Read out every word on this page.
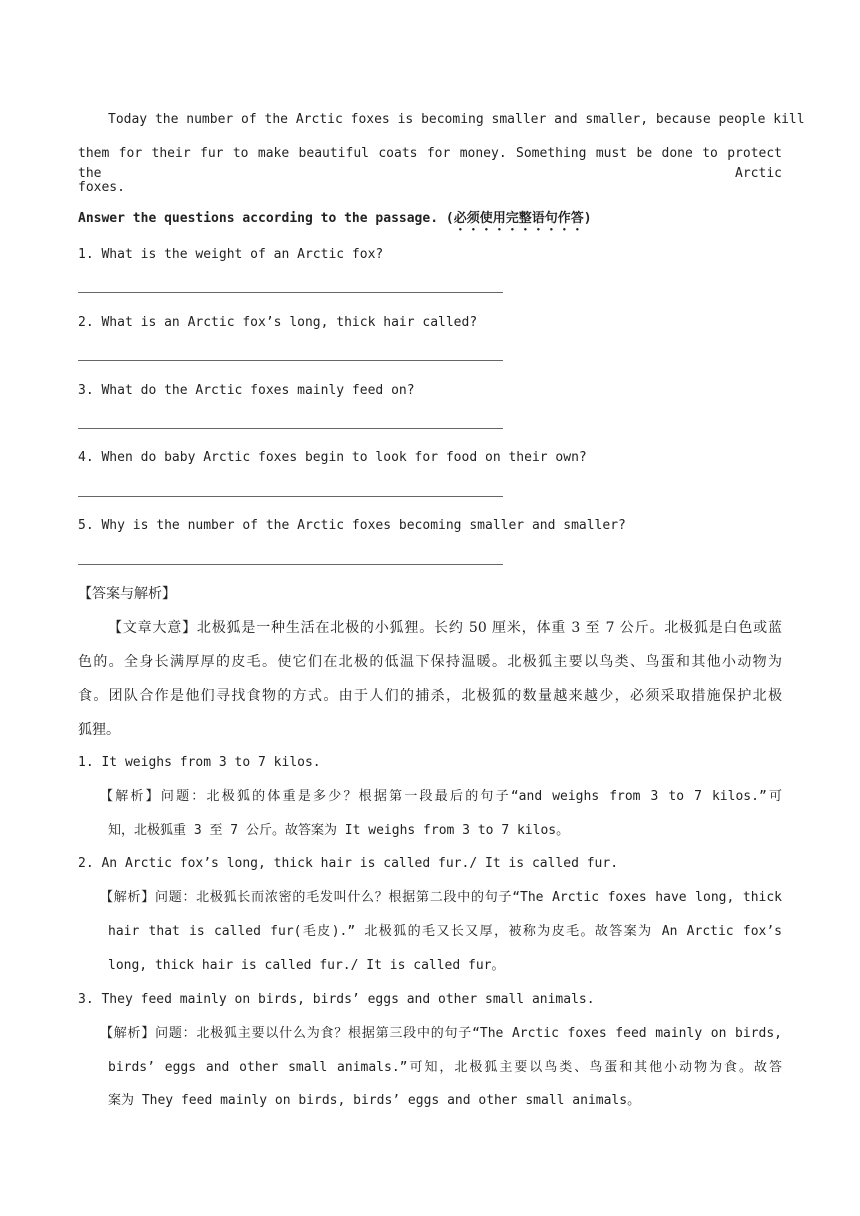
Today the number of the Arctic foxes is becoming smaller and smaller, because people kill
them for their fur to make beautiful coats for money. Something must be done to protect the Arctic
foxes.
Answer the questions according to the passage. (必须使用完整语句作答)
1. What is the weight of an Arctic fox?
2. What is an Arctic fox’s long, thick hair called?
3. What do the Arctic foxes mainly feed on?
4. When do baby Arctic foxes begin to look for food on their own?
5. Why is the number of the Arctic foxes becoming smaller and smaller?
【答案与解析】
【文章大意】北极狐是一种生活在北极的小狐狸。长约 50 厘米，体重 3 至 7 公斤。北极狐是白色或蓝
色的。全身长满厚厚的皮毛。使它们在北极的低温下保持温暖。北极狐主要以鸟类、鸟蛋和其他小动物为
食。团队合作是他们寻找食物的方式。由于人们的捕杀，北极狐的数量越来越少，必须采取措施保护北极
狐狸。
1. It weighs from 3 to 7 kilos.
【解析】问题：北极狐的体重是多少？根据第一段最后的句子“and weighs from 3 to 7 kilos.”可
知，北极狐重 3 至 7 公斤。故答案为 It weighs from 3 to 7 kilos。
2. An Arctic fox’s long, thick hair is called fur./ It is called fur.
【解析】问题：北极狐长而浓密的毛发叫什么？根据第二段中的句子“The Arctic foxes have long, thick
hair that is called fur(毛皮).” 北极狐的毛又长又厚，被称为皮毛。故答案为 An Arctic fox’s
long, thick hair is called fur./ It is called fur。
3. They feed mainly on birds, birds’ eggs and other small animals.
【解析】问题：北极狐主要以什么为食？根据第三段中的句子“The Arctic foxes feed mainly on birds,
birds’ eggs and other small animals.”可知，北极狐主要以鸟类、鸟蛋和其他小动物为食。故答
案为 They feed mainly on birds, birds’ eggs and other small animals。
